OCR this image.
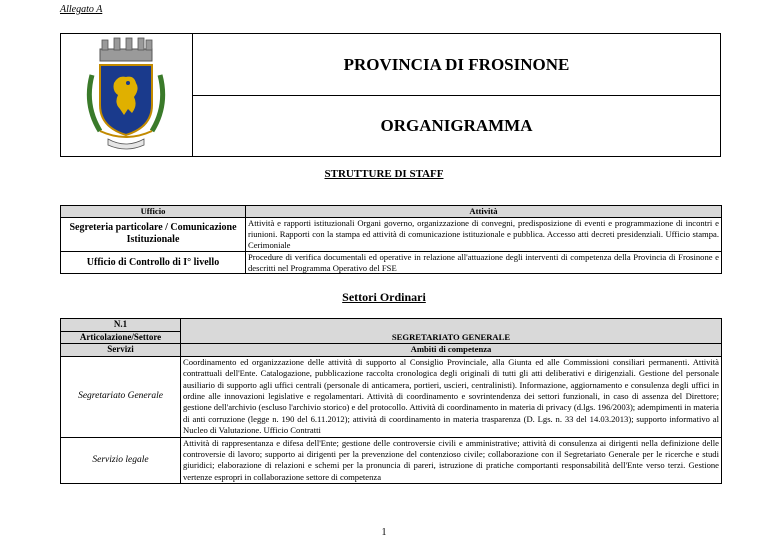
Allegato A
PROVINCIA DI FROSINONE
ORGANIGRAMMA
STRUTTURE DI STAFF
Ufficio	Attività
Segreteria particolare / Comunicazione Istituzionale	Attività e rapporti istituzionali Organi governo, organizzazione di convegni, predisposizione di eventi e programmazione di incontri e riunioni. Rapporti con la stampa ed attività di comunicazione istituzionale e pubblica. Accesso atti decreti presidenziali. Ufficio stampa. Cerimoniale
Ufficio di Controllo di I° livello	Procedure di verifica documentali ed operative in relazione all'attuazione degli interventi di competenza della Provincia di Frosinone e descritti nel Programma Operativo del FSE
Settori Ordinari
N.1	SEGRETARIATO GENERALE
Articolazione/Settore	
Servizi	Ambiti di competenza
Segretariato Generale	Coordinamento ed organizzazione delle attività di supporto al Consiglio Provinciale, alla Giunta ed alle Commissioni consiliari permanenti. Attività contrattuali dell'Ente. Catalogazione, pubblicazione raccolta cronologica degli originali di tutti gli atti deliberativi e dirigenziali. Gestione del personale ausiliario di supporto agli uffici centrali (personale di anticamera, portieri, uscieri, centralinisti). Informazione, aggiornamento e consulenza degli uffici in ordine alle innovazioni legislative e regolamentari. Attività di coordinamento e sovrintendenza dei settori funzionali, in caso di assenza del Direttore; gestione dell'archivio (escluso l'archivio storico) e del protocollo. Attività di coordinamento in materia di privacy (d.lgs. 196/2003); adempimenti in materia di anti corruzione (legge n. 190 del 6.11.2012); attività di coordinamento in materia trasparenza (D. Lgs. n. 33 del 14.03.2013); supporto informativo al Nucleo di Valutazione. Ufficio Contratti
Servizio legale	Attività di rappresentanza e difesa dell'Ente; gestione delle controversie civili e amministrative; attività di consulenza ai dirigenti nella definizione delle controversie di lavoro; supporto ai dirigenti per la prevenzione del contenzioso civile; collaborazione con il Segretariato Generale per le ricerche e studi giuridici; elaborazione di relazioni e schemi per la pronuncia di pareri, istruzione di pratiche comportanti responsabilità dell'Ente verso terzi. Gestione vertenze espropri in collaborazione settore di competenza
1
